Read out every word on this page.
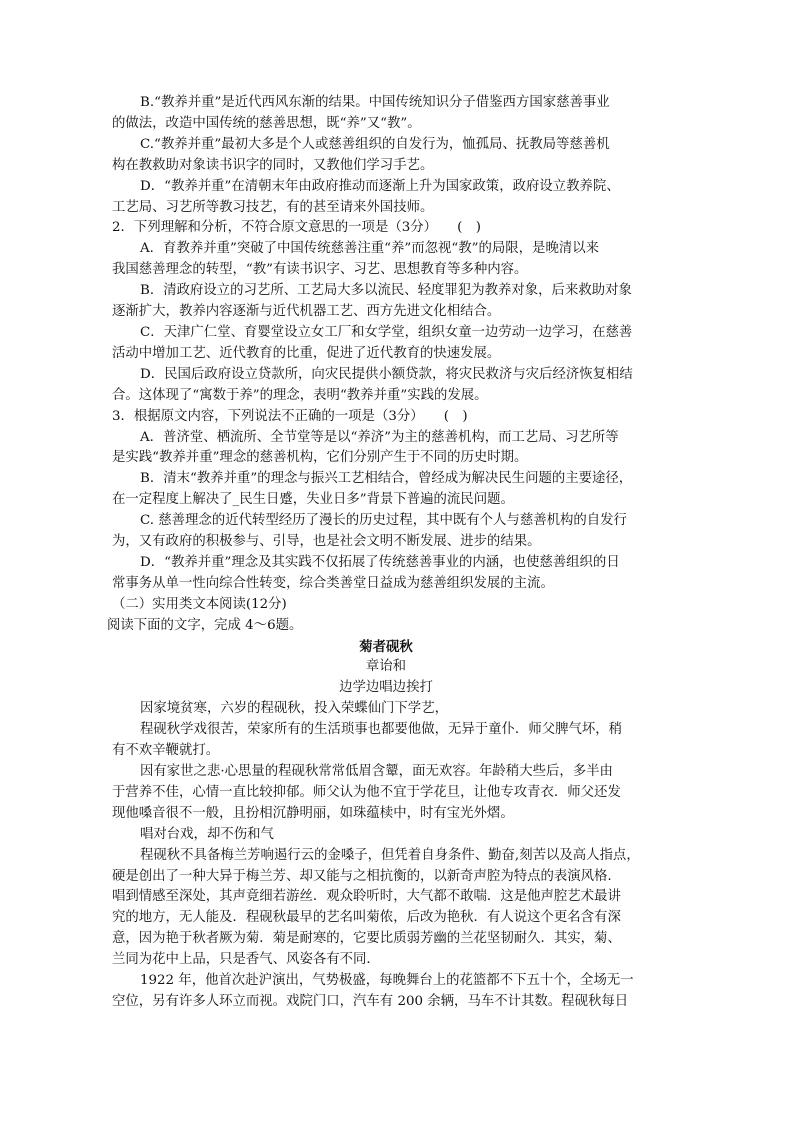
B.“教养并重”是近代西风东渐的结果。中国传统知识分子借鉴西方国家慈善事业
的做法，改造中国传统的慈善思想，既“养”又“教”。
C.“教养并重”最初大多是个人或慈善组织的自发行为，恤孤局、抚教局等慈善机
构在教救助对象读书识字的同时，又教他们学习手艺。
D．“教养并重”在清朝末年由政府推动而逐渐上升为国家政策，政府设立教养院、
工艺局、习艺所等教习技艺，有的甚至请来外国技师。
2．下列理解和分析，不符合原文意思的一项是（3分）　　(　)
A．育教养并重”突破了中国传统慈善注重“养”而忽视“教”的局限，是晚清以来
我国慈善理念的转型，“教”有读书识字、习艺、思想教育等多种内容。
B．清政府设立的习艺所、工艺局大多以流民、轻度罪犯为教养对象，后来救助对象
逐渐扩大，教养内容逐渐与近代机器工艺、西方先进文化相结合。
C．天津广仁堂、育婴堂设立女工厂和女学堂，组织女童一边劳动一边学习，在慈善
活动中增加工艺、近代教育的比重，促进了近代教育的快速发展。
D．民国后政府设立贷款所，向灾民提供小额贷款，将灾民救济与灾后经济恢复相结
合。这体现了“寓数于养”的理念，表明“教养并重”实践的发展。
3．根据原文内容，下列说法不正确的一项是（3分）　　(　)
A．普济堂、栖流所、全节堂等是以“养济”为主的慈善机构，而工艺局、习艺所等
是实践“教养并重”理念的慈善机构，它们分别产生于不同的历史时期。
B．清末“教养并重”的理念与振兴工艺相结合，曾经成为解决民生问题的主要途径，
在一定程度上解决了_民生日蹙，失业日多”背景下普遍的流民问题。
C. 慈善理念的近代转型经历了漫长的历史过程，其中既有个人与慈善机构的自发行
为，又有政府的积极参与、引导，也是社会文明不断发展、进步的结果。
D．“教养并重”理念及其实践不仅拓展了传统慈善事业的内涵，也使慈善组织的日
常事务从单一性向综合性转变，综合类善堂日益成为慈善组织发展的主流。
（二）实用类文本阅读(12分)
阅读下面的文字，完成 4～6题。
菊者砚秋
章诒和
边学边唱边挨打
因家境贫寒，六岁的程砚秋，投入荣蝶仙门下学艺，
程砚秋学戏很苦，荣家所有的生活琐事也都要他做，无异于童仆．师父脾气坏，稍
有不欢辛鞭就打。
因有家世之悲·心思量的程砚秋常常低眉含颦，面无欢容。年龄稍大些后，多半由
于营养不佳，心情一直比较抑郁。师父认为他不宜于学花旦，让他专攻青衣．师父还发
现他嗓音很不一般，且扮相沉静明丽，如珠蕴椟中，时有宝光外熠。
唱对台戏，却不伤和气
程砚秋不具备梅兰芳响遏行云的金嗓子，但凭着自身条件、勤奋,刻苦以及高人指点，
硬是创出了一种大异于梅兰芳、却又能与之相抗衡的，以新奇声腔为特点的表演风格．
唱到情感至深处，其声竟细若游丝．观众聆听时，大气都不敢喘．这是他声腔艺术最讲
究的地方，无人能及．程砚秋最早的艺名叫菊侬，后改为艳秋．有人说这个更名含有深
意，因为艳于秋者厥为菊．菊是耐寒的，它要比质弱芳幽的兰花坚韧耐久．其实，菊、
兰同为花中上品，只是香气、风姿各有不同．
1922 年，他首次赴沪演出，气势极盛，每晚舞台上的花篮都不下五十个，全场无一
空位，另有许多人环立而视。戏院门口，汽车有 200 余辆，马车不计其数。程砚秋每日
